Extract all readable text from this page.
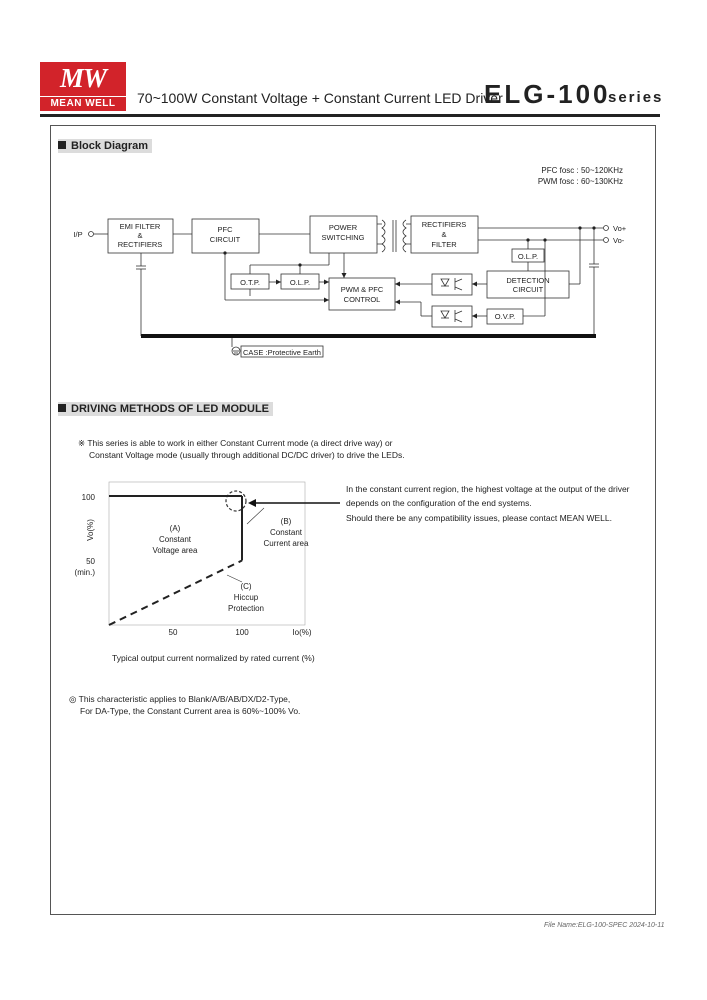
MW
MEAN WELL	70~100W Constant Voltage + Constant Current LED Driver
ELG-100
series
Block Diagram
PFC fosc : 50~120KHz
PWM fosc : 60~130KHz
I/P
EMI FILTER
&
RECTIFIERS
PFC
CIRCUIT
POWER
SWITCHING
RECTIFIERS
&
FILTER
O.L.P.
O.T.P.	O.L.P.
PWM & PFC
CONTROL
DETECTION
CIRCUIT
O.V.P.
CASE :Protective Earth
Vo+
Vo-
DRIVING METHODS OF LED MODULE
※ This series is able to work in either Constant Current mode (a direct drive way) or
Constant Voltage mode (usually through additional DC/DC driver) to drive the LEDs.
In the constant current region, the highest voltage at the output of the driver
depends on the configuration of the end systems.
Should there be any compatibility issues, please contact MEAN WELL.
100
50
(min.)
50	100	Io(%)
Vo(%)	(A)
Constant
Voltage area
(B)
Constant
Current area
(C)
Hiccup
Protection
Typical output current normalized by rated current (%)
◎ This characteristic applies to Blank/A/B/AB/DX/D2-Type,
For DA-Type, the Constant Current area is 60%~100% Vo.
File Name:ELG-100-SPEC 2024-10-11
